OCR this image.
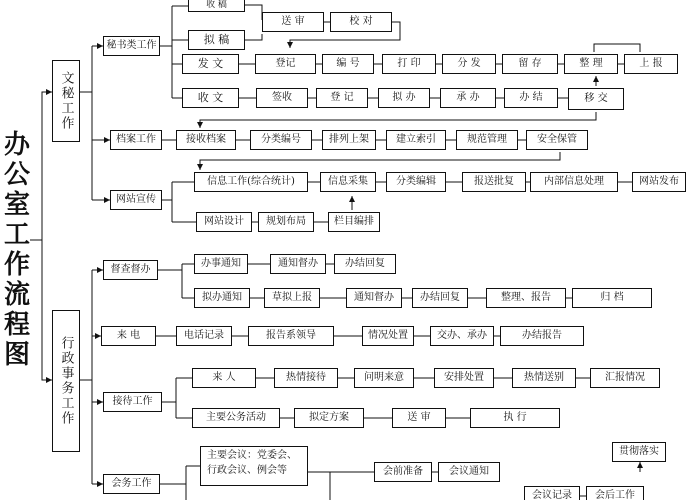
办公室工作流程图
文秘工作
行政事务工作
秘书类工作
档案工作
网站宣传
督查督办
来 电
接待工作
会务工作
收 稿
送 审	校 对
拟 稿
发 文	登记	编 号	打 印	分 发	留 存	整 理	上 报
收 文	签收	登 记	拟 办	承 办	办 结	移 交
接收档案	分类编号	排列上架	建立索引	规范管理	安全保管
信息工作(综合统计)	信息采集	分类编辑	报送批复	内部信息处理	网站发布
网站设计	规划布局	栏目编排
办事通知	通知督办	办结回复
拟办通知	草拟上报	通知督办	办结回复	整理、报告	归 档
电话记录	报告系领导	情况处置	交办、承办	办结报告
来 人	热情接待	问明来意	安排处置	热情送别	汇报情况
主要公务活动	拟定方案	送 审	执 行
主要会议：党委会、
行政会议、例会等	会前准备	会议通知
会议记录	会后工作
贯彻落实
